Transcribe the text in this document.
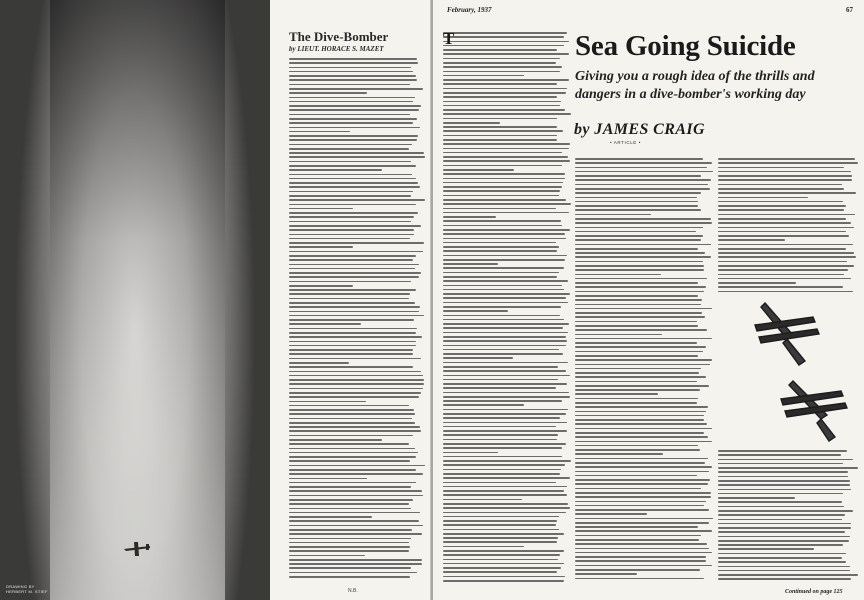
DRAWING BY
HERBERT M. STIEF
The Dive-Bomber
by LIEUT. HORACE S. MAZET
N.B.
February, 1937	67
T	Sea Going Suicide
Giving you a rough idea of the thrills and dangers in a dive-bomber's working day
by JAMES CRAIG
• ARTICLE •
Continued on page 125
